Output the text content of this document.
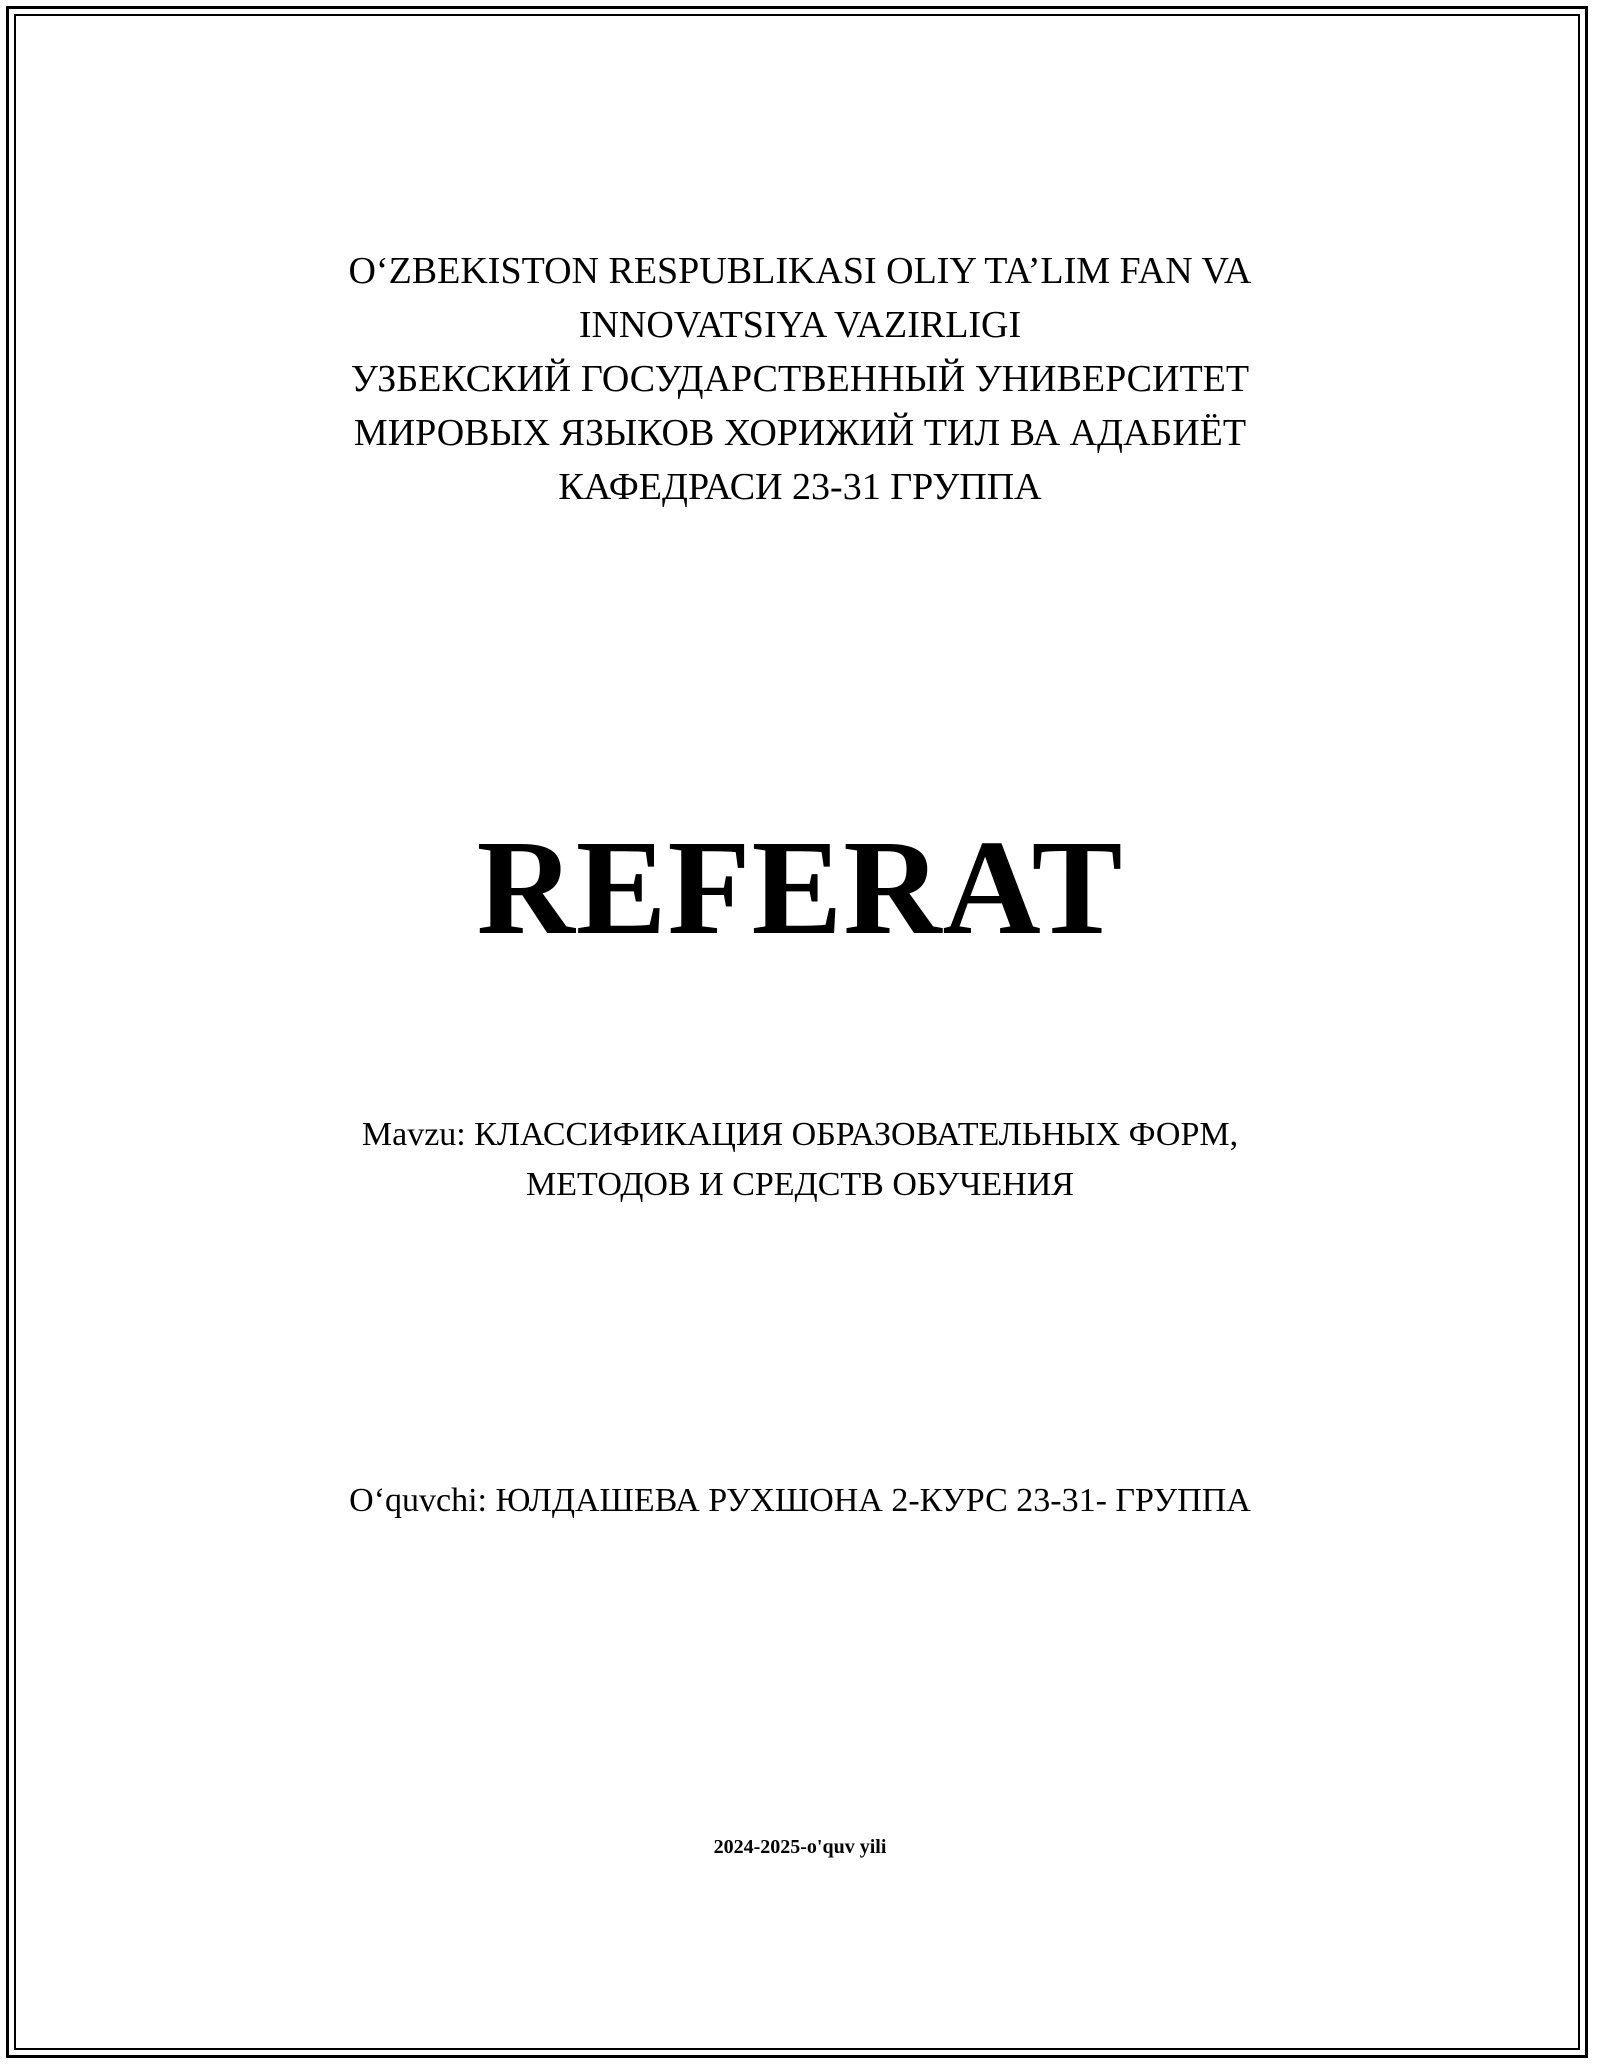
O‘ZBEKISTON RESPUBLIKASI OLIY TA’LIM FAN VA
INNOVATSIYA VAZIRLIGI
УЗБЕКСКИЙ ГОСУДАРСТВЕННЫЙ УНИВЕРСИТЕТ
МИРОВЫХ ЯЗЫКОВ ХОРИЖИЙ ТИЛ ВА АДАБИЁТ
КАФЕДРАСИ 23-31 ГРУППА
REFERAT
Mavzu: КЛАССИФИКАЦИЯ ОБРАЗОВАТЕЛЬНЫХ ФОРМ,
МЕТОДОВ И СРЕДСТВ ОБУЧЕНИЯ
O‘quvchi: ЮЛДАШЕВА РУХШОНА 2-КУРС 23-31- ГРУППА
2024-2025-o'quv yili
